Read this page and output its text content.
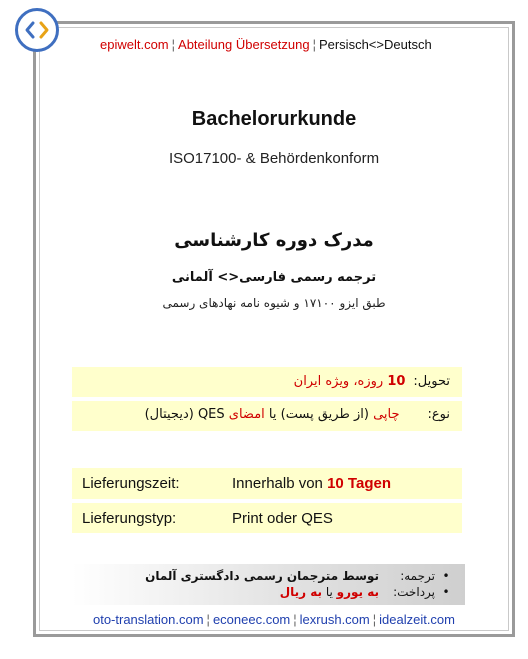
epiwelt.com ¦ Abteilung Übersetzung ¦ Persisch<>Deutsch
Bachelorurkunde
ISO17100- & Behördenkonform
مدرک دوره کارشناسی
ترجمه رسمی فارسی<> آلمانی
طبق ایزو ۱۷۱۰۰ و شیوه نامه نهادهای رسمی
تحویل:10 روزه، ویژه ایران
نوع:چاپی (از طریق پست) یا امضای QES (دیجیتال)
Lieferungszeit:	Innerhalb von 10 Tagen
Lieferungstyp:	Print oder QES
•ترجمه:توسط مترجمان رسمی دادگستری آلمان
•پرداخت:به یورو یا به ریال
oto-translation.com ¦ econeec.com ¦ lexrush.com ¦ idealzeit.com
